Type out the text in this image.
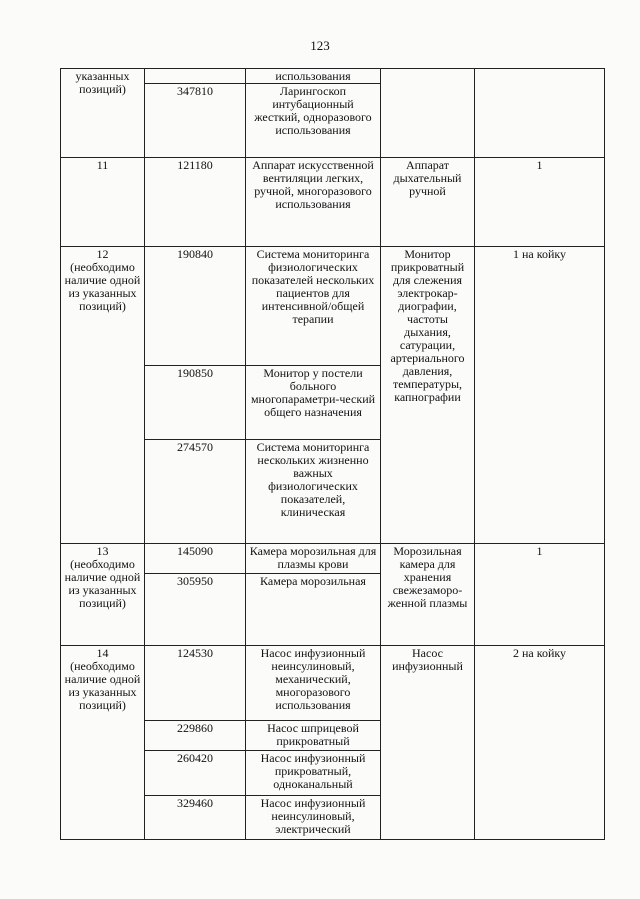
123
указанных позиций)		использования		
	347810	Ларингоскоп интубационный жесткий, одноразового использования		
11	121180	Аппарат искусственной вентиляции легких, ручной, многоразового использования	Аппарат дыхательный ручной	1
12 (необходимо наличие одной из указанных позиций)	190840	Система мониторинга физиологических показателей нескольких пациентов для интенсивной/общей терапии	Монитор прикроватный для слежения электрокар-диографии, частоты дыхания, сатурации, артериального давления, температуры, капнографии	1 на койку
	190850	Монитор у постели больного многопараметри-ческий общего назначения		
	274570	Система мониторинга нескольких жизненно важных физиологических показателей, клиническая		
13 (необходимо наличие одной из указанных позиций)	145090	Камера морозильная для плазмы крови	Морозильная камера для хранения свежезаморо-женной плазмы	1
	305950	Камера морозильная		
14 (необходимо наличие одной из указанных позиций)	124530	Насос инфузионный неинсулиновый, механический, многоразового использования	Насос инфузионный	2 на койку
	229860	Насос шприцевой прикроватный		
	260420	Насос инфузионный прикроватный, одноканальный		
	329460	Насос инфузионный неинсулиновый, электрический		
